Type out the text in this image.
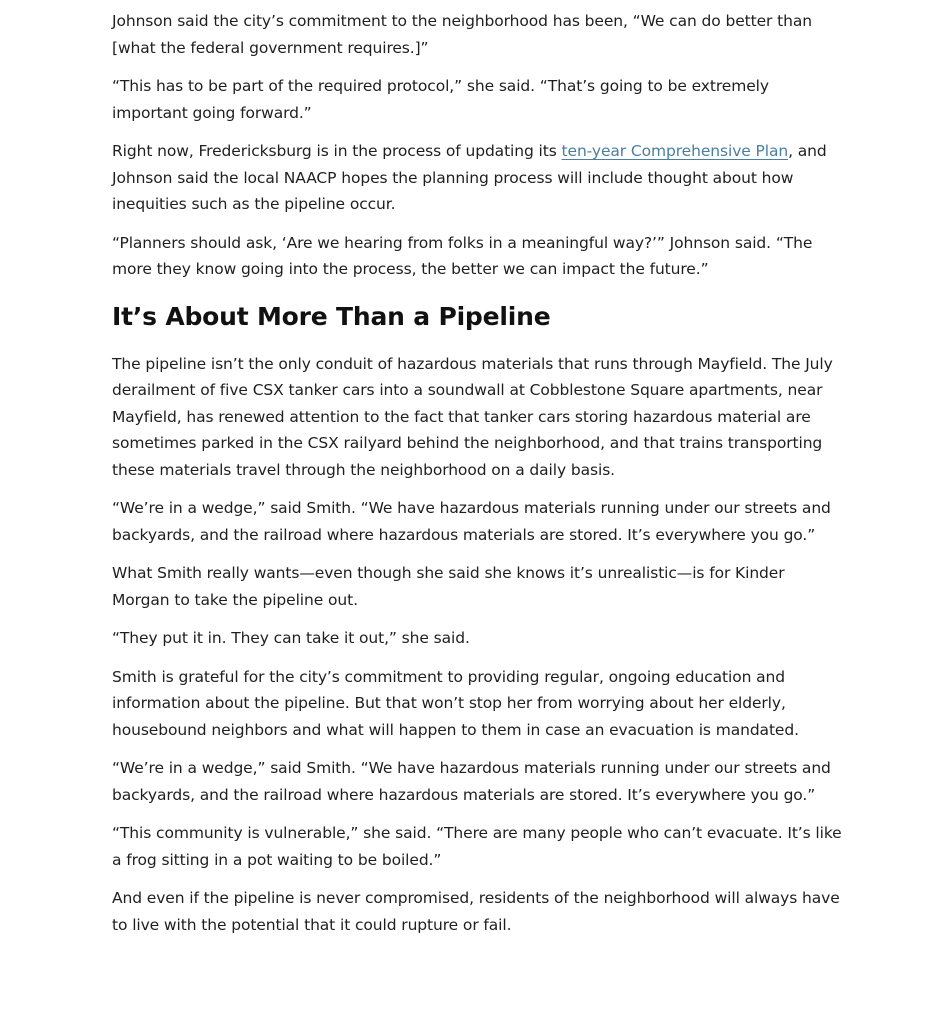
Johnson said the city’s commitment to the neighborhood has been, “We can do better than [what the federal government requires.]”

“This has to be part of the required protocol,” she said. “That’s going to be extremely important going forward.”

Right now, Fredericksburg is in the process of updating its ten-year Comprehensive Plan, and Johnson said the local NAACP hopes the planning process will include thought about how inequities such as the pipeline occur.

“Planners should ask, ‘Are we hearing from folks in a meaningful way?’” Johnson said. “The more they know going into the process, the better we can impact the future.”

It’s About More Than a Pipeline

The pipeline isn’t the only conduit of hazardous materials that runs through Mayfield. The July derailment of five CSX tanker cars into a soundwall at Cobblestone Square apartments, near Mayfield, has renewed attention to the fact that tanker cars storing hazardous material are sometimes parked in the CSX railyard behind the neighborhood, and that trains transporting these materials travel through the neighborhood on a daily basis.

“We’re in a wedge,” said Smith. “We have hazardous materials running under our streets and backyards, and the railroad where hazardous materials are stored. It’s everywhere you go.”

What Smith really wants—even though she said she knows it’s unrealistic—is for Kinder Morgan to take the pipeline out.

“They put it in. They can take it out,” she said.

Smith is grateful for the city’s commitment to providing regular, ongoing education and information about the pipeline. But that won’t stop her from worrying about her elderly, housebound neighbors and what will happen to them in case an evacuation is mandated.

“We’re in a wedge,” said Smith. “We have hazardous materials running under our streets and backyards, and the railroad where hazardous materials are stored. It’s everywhere you go.”

“This community is vulnerable,” she said. “There are many people who can’t evacuate. It’s like a frog sitting in a pot waiting to be boiled.”

And even if the pipeline is never compromised, residents of the neighborhood will always have to live with the potential that it could rupture or fail.
